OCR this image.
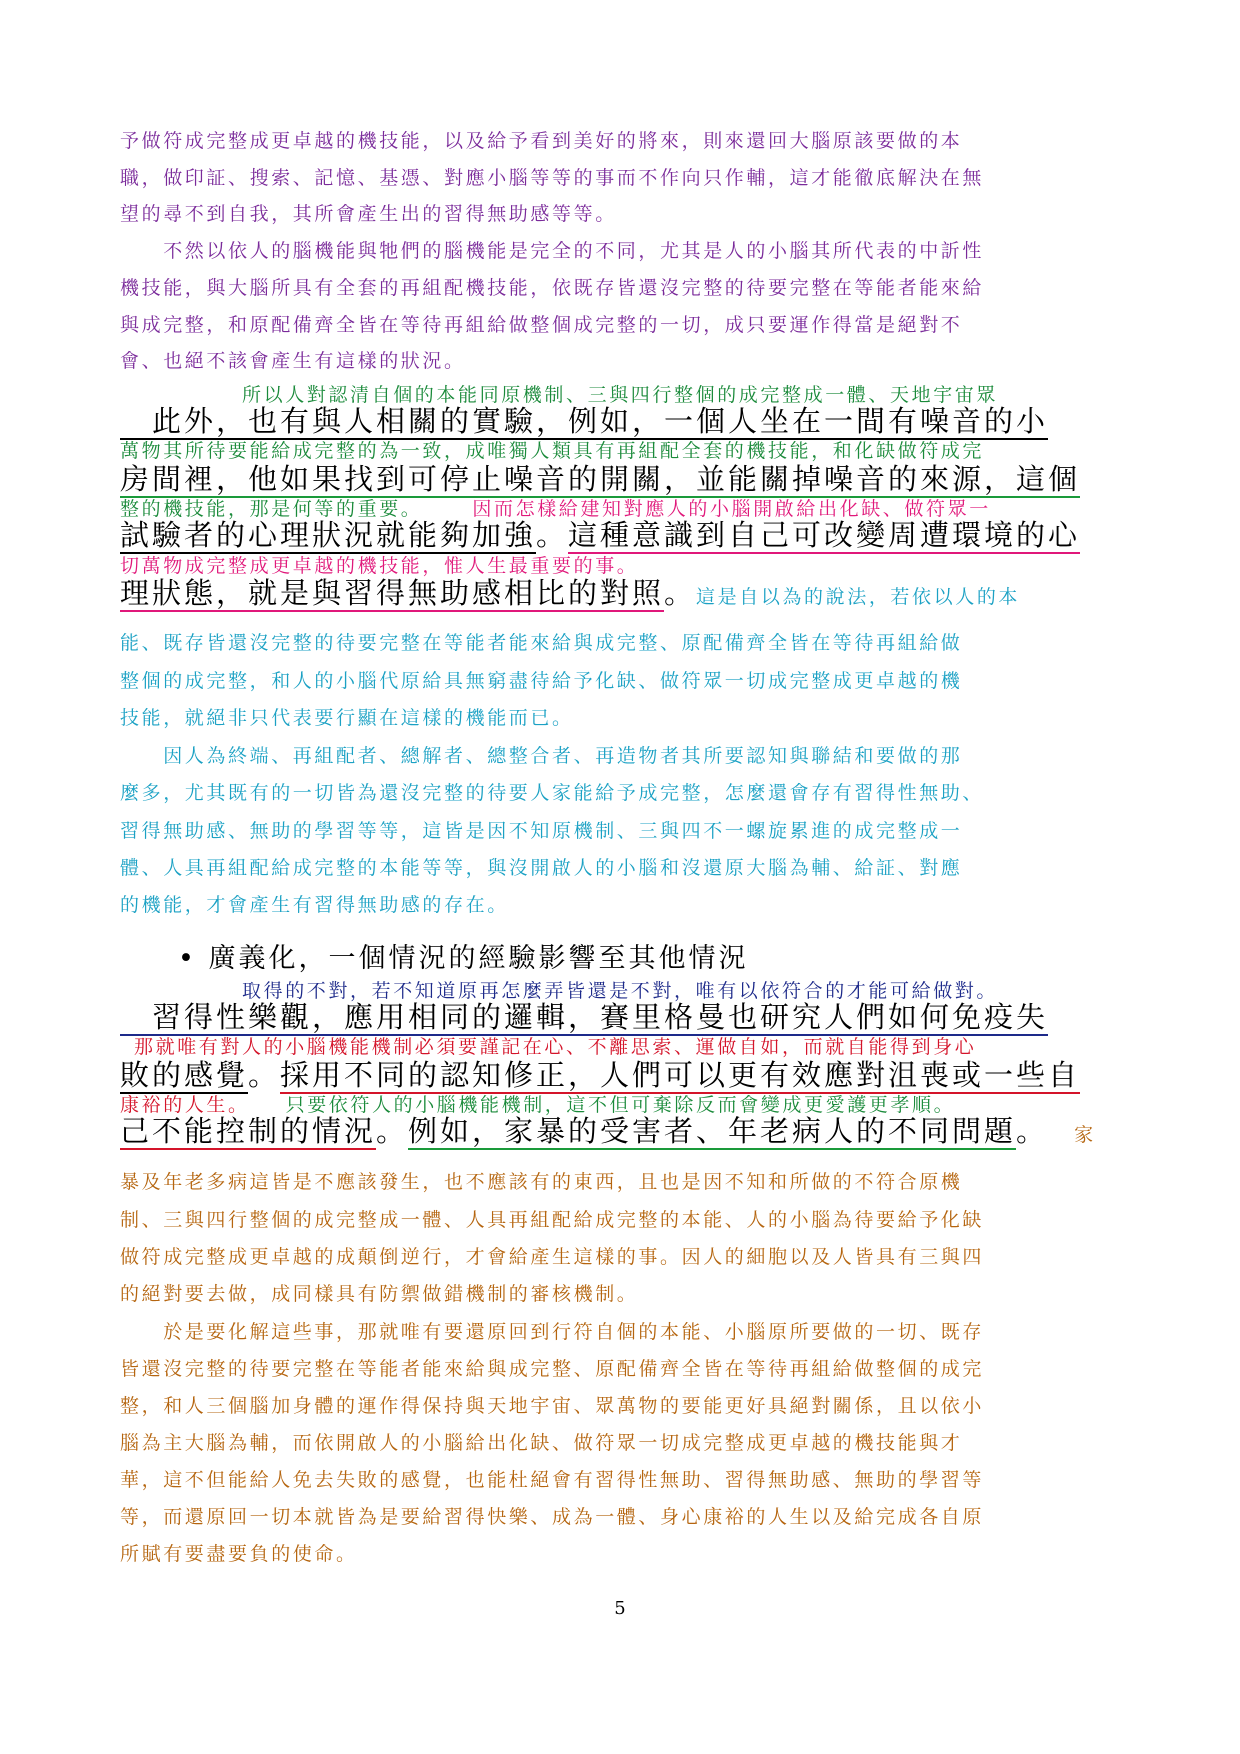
予做符成完整成更卓越的機技能，以及給予看到美好的將來，則來還回大腦原該要做的本
職，做印証、搜索、記憶、基憑、對應小腦等等的事而不作向只作輔，這才能徹底解決在無
望的尋不到自我，其所會產生出的習得無助感等等。
　　不然以依人的腦機能與牠們的腦機能是完全的不同，尤其是人的小腦其所代表的中訢性
機技能，與大腦所具有全套的再組配機技能，依既存皆還沒完整的待要完整在等能者能來給
與成完整，和原配備齊全皆在等待再組給做整個成完整的一切，成只要運作得當是絕對不
會、也絕不該會產生有這樣的狀況。
所以人對認清自個的本能同原機制、三與四行整個的成完整成一體、天地宇宙眾
　此外，也有與人相關的實驗，例如，一個人坐在一間有噪音的小
萬物其所待要能給成完整的為一致，成唯獨人類具有再組配全套的機技能，和化缺做符成完
房間裡，他如果找到可停止噪音的開關，並能關掉噪音的來源，這個
整的機技能，那是何等的重要。	因而怎樣給建知對應人的小腦開啟給出化缺、做符眾一
試驗者的心理狀況就能夠加強。這種意識到自己可改變周遭環境的心
切萬物成完整成更卓越的機技能，惟人生最重要的事。
理狀態，就是與習得無助感相比的對照。這是自以為的說法，若依以人的本
能、既存皆還沒完整的待要完整在等能者能來給與成完整、原配備齊全皆在等待再組給做
整個的成完整，和人的小腦代原給具無窮盡待給予化缺、做符眾一切成完整成更卓越的機
技能，就絕非只代表要行顯在這樣的機能而已。
　　因人為終端、再組配者、總解者、總整合者、再造物者其所要認知與聯結和要做的那
麼多，尤其既有的一切皆為還沒完整的待要人家能給予成完整，怎麼還會存有習得性無助、
習得無助感、無助的學習等等，這皆是因不知原機制、三與四不一螺旋累進的成完整成一
體、人具再組配給成完整的本能等等，與沒開啟人的小腦和沒還原大腦為輔、給証、對應
的機能，才會產生有習得無助感的存在。
• 廣義化，一個情況的經驗影響至其他情況
取得的不對，若不知道原再怎麼弄皆還是不對，唯有以依符合的才能可給做對。
　習得性樂觀，應用相同的邏輯，賽里格曼也研究人們如何免疫失
那就唯有對人的小腦機能機制必須要謹記在心、不離思索、運做自如，而就自能得到身心
敗的感覺。採用不同的認知修正，人們可以更有效應對沮喪或一些自
康裕的人生。 只要依符人的小腦機能機制，這不但可棄除反而會變成更愛護更孝順。
己不能控制的情況。例如，家暴的受害者、年老病人的不同問題。 家
暴及年老多病這皆是不應該發生，也不應該有的東西，且也是因不知和所做的不符合原機
制、三與四行整個的成完整成一體、人具再組配給成完整的本能、人的小腦為待要給予化缺
做符成完整成更卓越的成顛倒逆行，才會給產生這樣的事。因人的細胞以及人皆具有三與四
的絕對要去做，成同樣具有防禦做錯機制的審核機制。
　　於是要化解這些事，那就唯有要還原回到行符自個的本能、小腦原所要做的一切、既存
皆還沒完整的待要完整在等能者能來給與成完整、原配備齊全皆在等待再組給做整個的成完
整，和人三個腦加身體的運作得保持與天地宇宙、眾萬物的要能更好具絕對關係，且以依小
腦為主大腦為輔，而依開啟人的小腦給出化缺、做符眾一切成完整成更卓越的機技能與才
華，這不但能給人免去失敗的感覺，也能杜絕會有習得性無助、習得無助感、無助的學習等
等，而還原回一切本就皆為是要給習得快樂、成為一體、身心康裕的人生以及給完成各自原
所賦有要盡要負的使命。
5
